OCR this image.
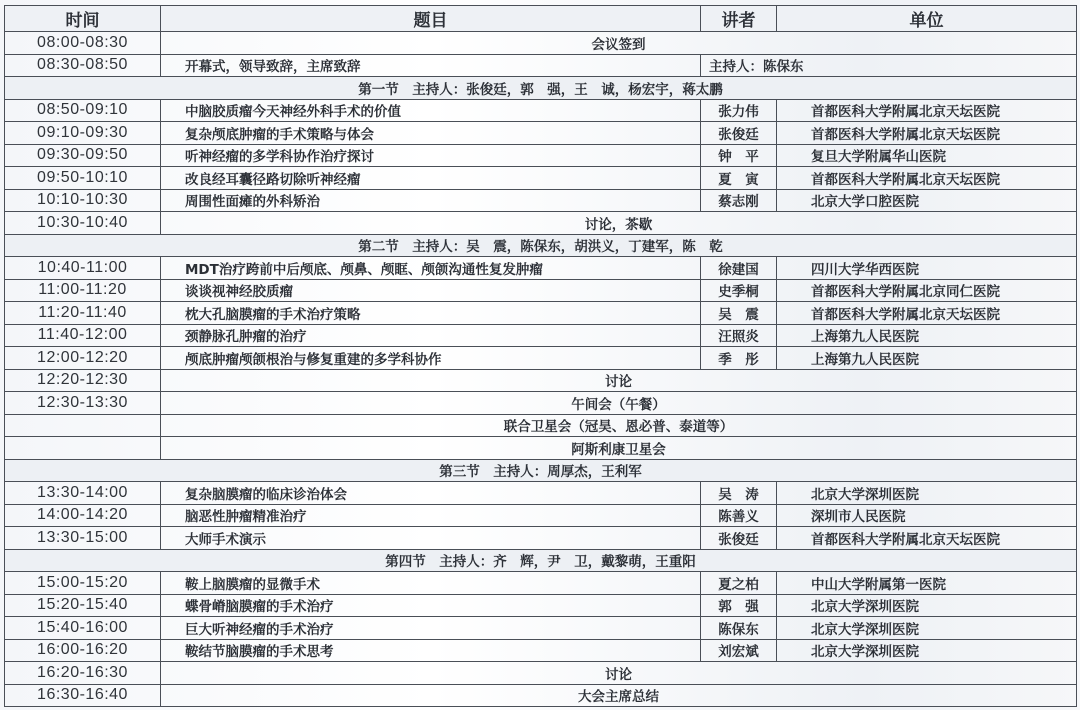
时间	题目	讲者	单位
08:00-08:30	会议签到		
08:30-08:50	开幕式，领导致辞，主席致辞	主持人：陈保东	
第一节　主持人：张俊廷，郭　强，王　诚，杨宏宇，蒋太鹏			
08:50-09:10	中脑胶质瘤今天神经外科手术的价值	张力伟	首都医科大学附属北京天坛医院
09:10-09:30	复杂颅底肿瘤的手术策略与体会	张俊廷	首都医科大学附属北京天坛医院
09:30-09:50	听神经瘤的多学科协作治疗探讨	钟　平	复旦大学附属华山医院
09:50-10:10	改良经耳囊径路切除听神经瘤	夏　寅	首都医科大学附属北京天坛医院
10:10-10:30	周围性面瘫的外科矫治	蔡志刚	北京大学口腔医院
10:30-10:40	讨论，茶歇		
第二节　主持人：吴　震，陈保东，胡洪义，丁建军，陈　乾			
10:40-11:00	MDT治疗跨前中后颅底、颅鼻、颅眶、颅颌沟通性复发肿瘤	徐建国	四川大学华西医院
11:00-11:20	谈谈视神经胶质瘤	史季桐	首都医科大学附属北京同仁医院
11:20-11:40	枕大孔脑膜瘤的手术治疗策略	吴　震	首都医科大学附属北京天坛医院
11:40-12:00	颈静脉孔肿瘤的治疗	汪照炎	上海第九人民医院
12:00-12:20	颅底肿瘤颅颌根治与修复重建的多学科协作	季　彤	上海第九人民医院
12:20-12:30	讨论		
12:30-13:30	午间会（午餐）		
	联合卫星会（冠昊、恩必普、泰道等）		
	阿斯利康卫星会		
第三节　主持人：周厚杰，王利军			
13:30-14:00	复杂脑膜瘤的临床诊治体会	吴　涛	北京大学深圳医院
14:00-14:20	脑恶性肿瘤精准治疗	陈善义	深圳市人民医院
13:30-15:00	大师手术演示	张俊廷	首都医科大学附属北京天坛医院
第四节　主持人：齐　辉，尹　卫，戴黎萌，王重阳			
15:00-15:20	鞍上脑膜瘤的显微手术	夏之柏	中山大学附属第一医院
15:20-15:40	蝶骨嵴脑膜瘤的手术治疗	郭　强	北京大学深圳医院
15:40-16:00	巨大听神经瘤的手术治疗	陈保东	北京大学深圳医院
16:00-16:20	鞍结节脑膜瘤的手术思考	刘宏斌	北京大学深圳医院
16:20-16:30	讨论		
16:30-16:40	大会主席总结		
